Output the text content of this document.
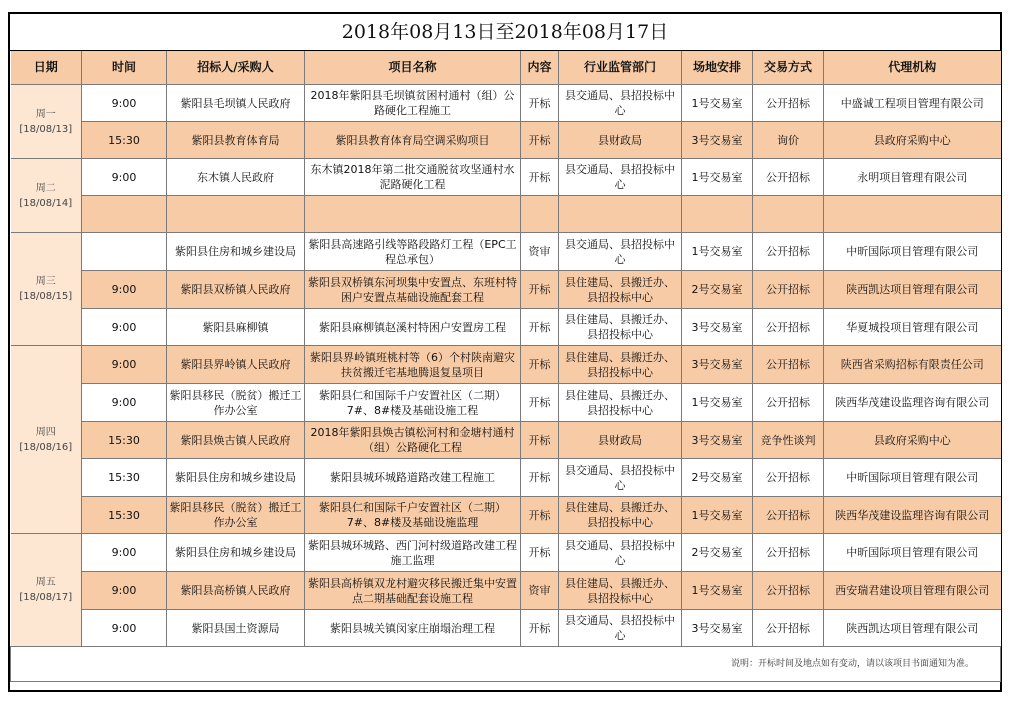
2018年08月13日至2018年08月17日
日期	时间	招标人/采购人	项目名称	内容	行业监管部门	场地安排	交易方式	代理机构

周一
[18/08/13]	9:00	紫阳县毛坝镇人民政府	2018年紫阳县毛坝镇贫困村通村（组）公路硬化工程施工	开标	县交通局、县招投标中心	1号交易室	公开招标	中盛诚工程项目管理有限公司
	15:30	紫阳县教育体育局	紫阳县教育体育局空调采购项目	开标	县财政局	3号交易室	询价	县政府采购中心

周二
[18/08/14]	9:00	东木镇人民政府	东木镇2018年第二批交通脱贫攻坚通村水泥路硬化工程	开标	县交通局、县招投标中心	1号交易室	公开招标	永明项目管理有限公司

周三
[18/08/15]		紫阳县住房和城乡建设局	紫阳县高速路引线等路段路灯工程（EPC工程总承包）	资审	县交通局、县招投标中心	1号交易室	公开招标	中昕国际项目管理有限公司
	9:00	紫阳县双桥镇人民政府	紫阳县双桥镇东河坝集中安置点、东班村特困户安置点基础设施配套工程	开标	县住建局、县搬迁办、县招投标中心	2号交易室	公开招标	陕西凯达项目管理有限公司
	9:00	紫阳县麻柳镇	紫阳县麻柳镇赵溪村特困户安置房工程	开标	县住建局、县搬迁办、县招投标中心	3号交易室	公开招标	华夏城投项目管理有限公司

周四
[18/08/16]	9:00	紫阳县界岭镇人民政府	紫阳县界岭镇班桃村等（6）个村陕南避灾扶贫搬迁宅基地腾退复垦项目	开标	县住建局、县搬迁办、县招投标中心	3号交易室	公开招标	陕西省采购招标有限责任公司
	9:00	紫阳县移民（脱贫）搬迁工作办公室	紫阳县仁和国际千户安置社区（二期）7#、8#楼及基础设施工程	开标	县住建局、县搬迁办、县招投标中心	1号交易室	公开招标	陕西华茂建设监理咨询有限公司
	15:30	紫阳县焕古镇人民政府	2018年紫阳县焕古镇松河村和金塘村通村（组）公路硬化工程	开标	县财政局	3号交易室	竞争性谈判	县政府采购中心
	15:30	紫阳县住房和城乡建设局	紫阳县城环城路道路改建工程施工	开标	县交通局、县招投标中心	2号交易室	公开招标	中昕国际项目管理有限公司
	15:30	紫阳县移民（脱贫）搬迁工作办公室	紫阳县仁和国际千户安置社区（二期）7#、8#楼及基础设施监理	开标	县住建局、县搬迁办、县招投标中心	1号交易室	公开招标	陕西华茂建设监理咨询有限公司

周五
[18/08/17]	9:00	紫阳县住房和城乡建设局	紫阳县城环城路、西门河村级道路改建工程施工监理	开标	县交通局、县招投标中心	2号交易室	公开招标	中昕国际项目管理有限公司
	9:00	紫阳县高桥镇人民政府	紫阳县高桥镇双龙村避灾移民搬迁集中安置点二期基础配套设施工程	资审	县住建局、县搬迁办、县招投标中心	1号交易室	公开招标	西安瑞君建设项目管理有限公司
	9:00	紫阳县国土资源局	紫阳县城关镇闵家庄崩塌治理工程	开标	县交通局、县招投标中心	3号交易室	公开招标	陕西凯达项目管理有限公司
说明：开标时间及地点如有变动，请以该项目书面通知为准。								
